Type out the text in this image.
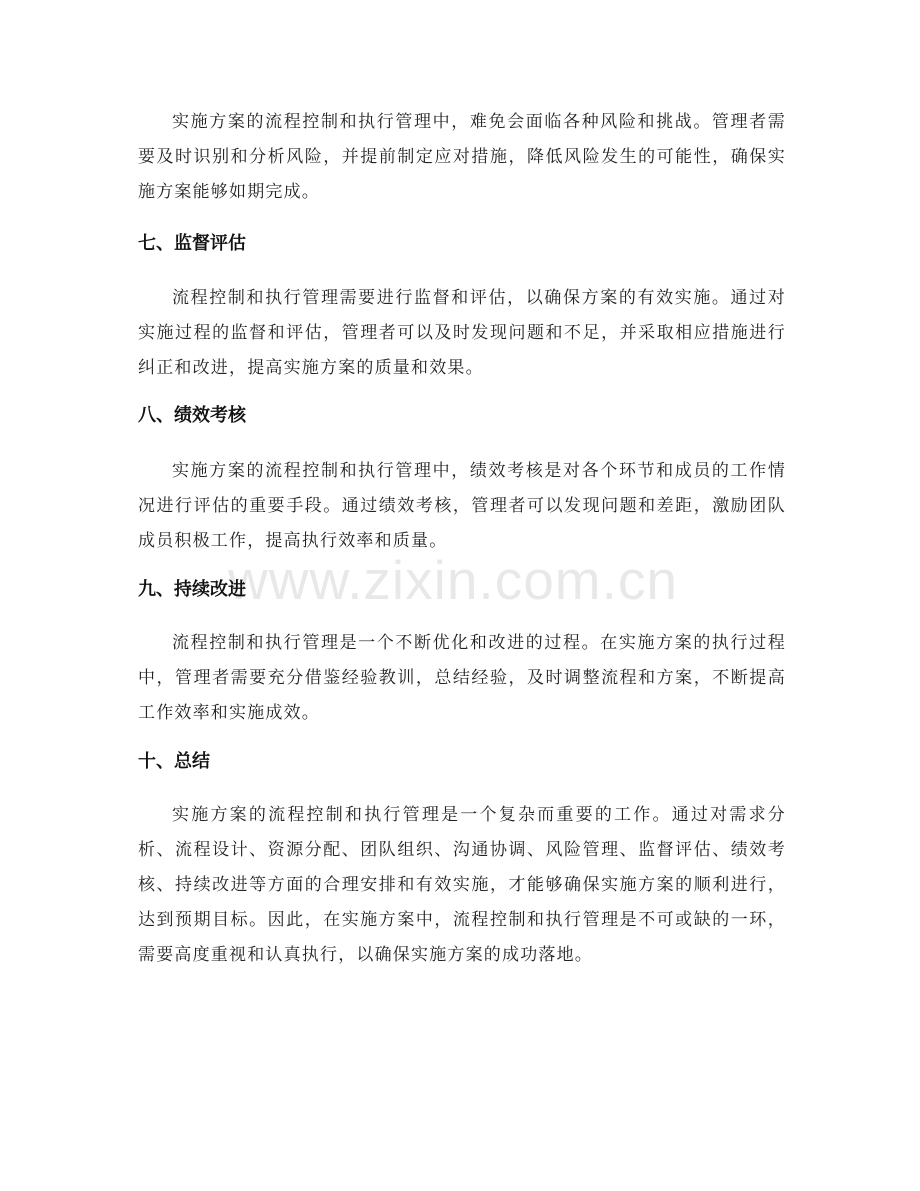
实施方案的流程控制和执行管理中，难免会面临各种风险和挑战。管理者需要及时识别和分析风险，并提前制定应对措施，降低风险发生的可能性，确保实施方案能够如期完成。

七、监督评估

流程控制和执行管理需要进行监督和评估，以确保方案的有效实施。通过对实施过程的监督和评估，管理者可以及时发现问题和不足，并采取相应措施进行纠正和改进，提高实施方案的质量和效果。

八、绩效考核

实施方案的流程控制和执行管理中，绩效考核是对各个环节和成员的工作情况进行评估的重要手段。通过绩效考核，管理者可以发现问题和差距，激励团队成员积极工作，提高执行效率和质量。

九、持续改进

流程控制和执行管理是一个不断优化和改进的过程。在实施方案的执行过程中，管理者需要充分借鉴经验教训，总结经验，及时调整流程和方案，不断提高工作效率和实施成效。

十、总结

实施方案的流程控制和执行管理是一个复杂而重要的工作。通过对需求分析、流程设计、资源分配、团队组织、沟通协调、风险管理、监督评估、绩效考核、持续改进等方面的合理安排和有效实施，才能够确保实施方案的顺利进行，达到预期目标。因此，在实施方案中，流程控制和执行管理是不可或缺的一环，需要高度重视和认真执行，以确保实施方案的成功落地。

www.zixin.com.cn
